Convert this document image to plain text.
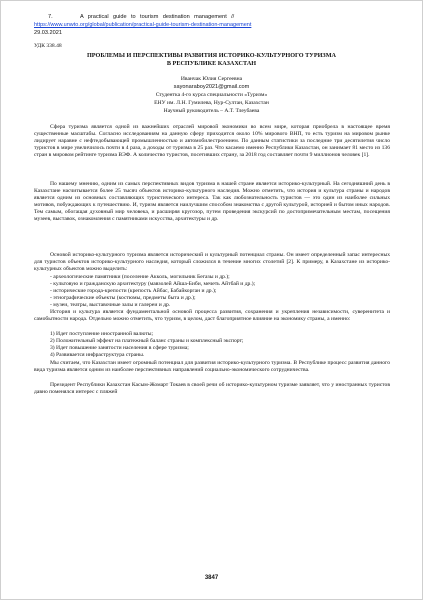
7.	A practical guide to tourism destination management //
https://www.unwto.org/global/publication/practical-guide-tourism-destination-management
29.03.2021
УДК 338.48
ПРОБЛЕМЫ И ПЕРСПЕКТИВЫ РАЗВИТИЯ ИСТОРИКО-КУЛЬТУРНОГО ТУРИЗМА
В РЕСПУБЛИКЕ КАЗАХСТАН
Иванчак Юлия Сергеевна
sayonaraboy2021@gmail.com
Студентка 4-го курса специальности «Туризм»
ЕНУ им. Л.Н. Гумилева, Нур-Султан, Казахстан
Научный руководитель – А.Т. Тлеубаева
Сфера туризма является одной из важнейших отраслей мировой экономики во всем мире, которая приобрела в настоящее время существенные масштабы. Согласно исследованиям на данную сферу приходится около 10% мирового ВНП, то есть туризм на мировом рынке лидирует наравне с нефтедобывающей промышленностью и автомобилестроением. По данным статистики за последние три десятилетия число туристов в мире увеличилось почти в 4 раза, а доходы от туризма в 25 раз. Что касаемо именно Республики Казахстан, он занимает 81 место из 136 стран в мировом рейтинге туризма ВЭФ. А количество туристов, посетивших страну, за 2018 год составляет почти 9 миллионов человек [1].
По нашему мнению, одним из самых перспективных видов туризма в нашей стране является историко-культурный. На сегодняшний день в Казахстане насчитывается более 25 тысяч объектов историко-культурного наследия. Можно отметить, что история и культура страны и народов является одним из основных составляющих туристического интереса. Так как любознательность туристов — это один из наиболее сильных мотивов, побуждающих к путешествию. И, туризм является наилучшим способом знакомства с другой культурой, историей и бытом иных народов. Тем самым, обогащая духовный мир человека, и расширяя кругозор, путем проведения экскурсий по достопримечательным местам, посещения музеев, выставок, ознакомления с памятниками искусства, архитектуры и др.
Основой историко-культурного туризма является исторический и культурный потенциал страны. Он имеет определенный запас интересных для туристов объектов историко-культурного наследия, который сложился в течение многих столетий [2]. К примеру, в Казахстане из историко-культурных объектов можно выделить:
- археологические памятники (поселение Акколь, могильник Бегазы и др.);
- культовую и гражданскую архитектуру (мавзолей Айша-Биби, мечеть Айтбай и др.);
- исторические города-крепости (крепость Айбас, Бабайкорган и др.);
- этнографические объекты (костюмы, предметы быта и др.);
- музеи, театры, выставочные залы и галереи и др.
История и культура является фундаментальной основой процесса развития, сохранения и укрепления независимости, суверенитета и самобытности народа. Отдельно можно отметить, что туризм, в целом, даст благоприятное влияние на экономику страны, а именно:
1) Идет поступление иностранной валюты;
2) Положительный эффект на платежный баланс страны и комплексный экспорт;
3) Идет повышение занятости населения в сфере туризма;
4) Развивается инфраструктура страны.
Мы считаем, что Казахстан имеет огромный потенциал для развития историко-культурного туризма. В Республике процесс развития данного вида туризма является одним из наиболее перспективных направлений социально-экономического сотрудничества.
Президент Республики Казахстан Касым-Жомарт Токаев в своей речи об историко-культурном туризме заявляет, что у иностранных туристов давно поменялся интерес с пляжей
3847
